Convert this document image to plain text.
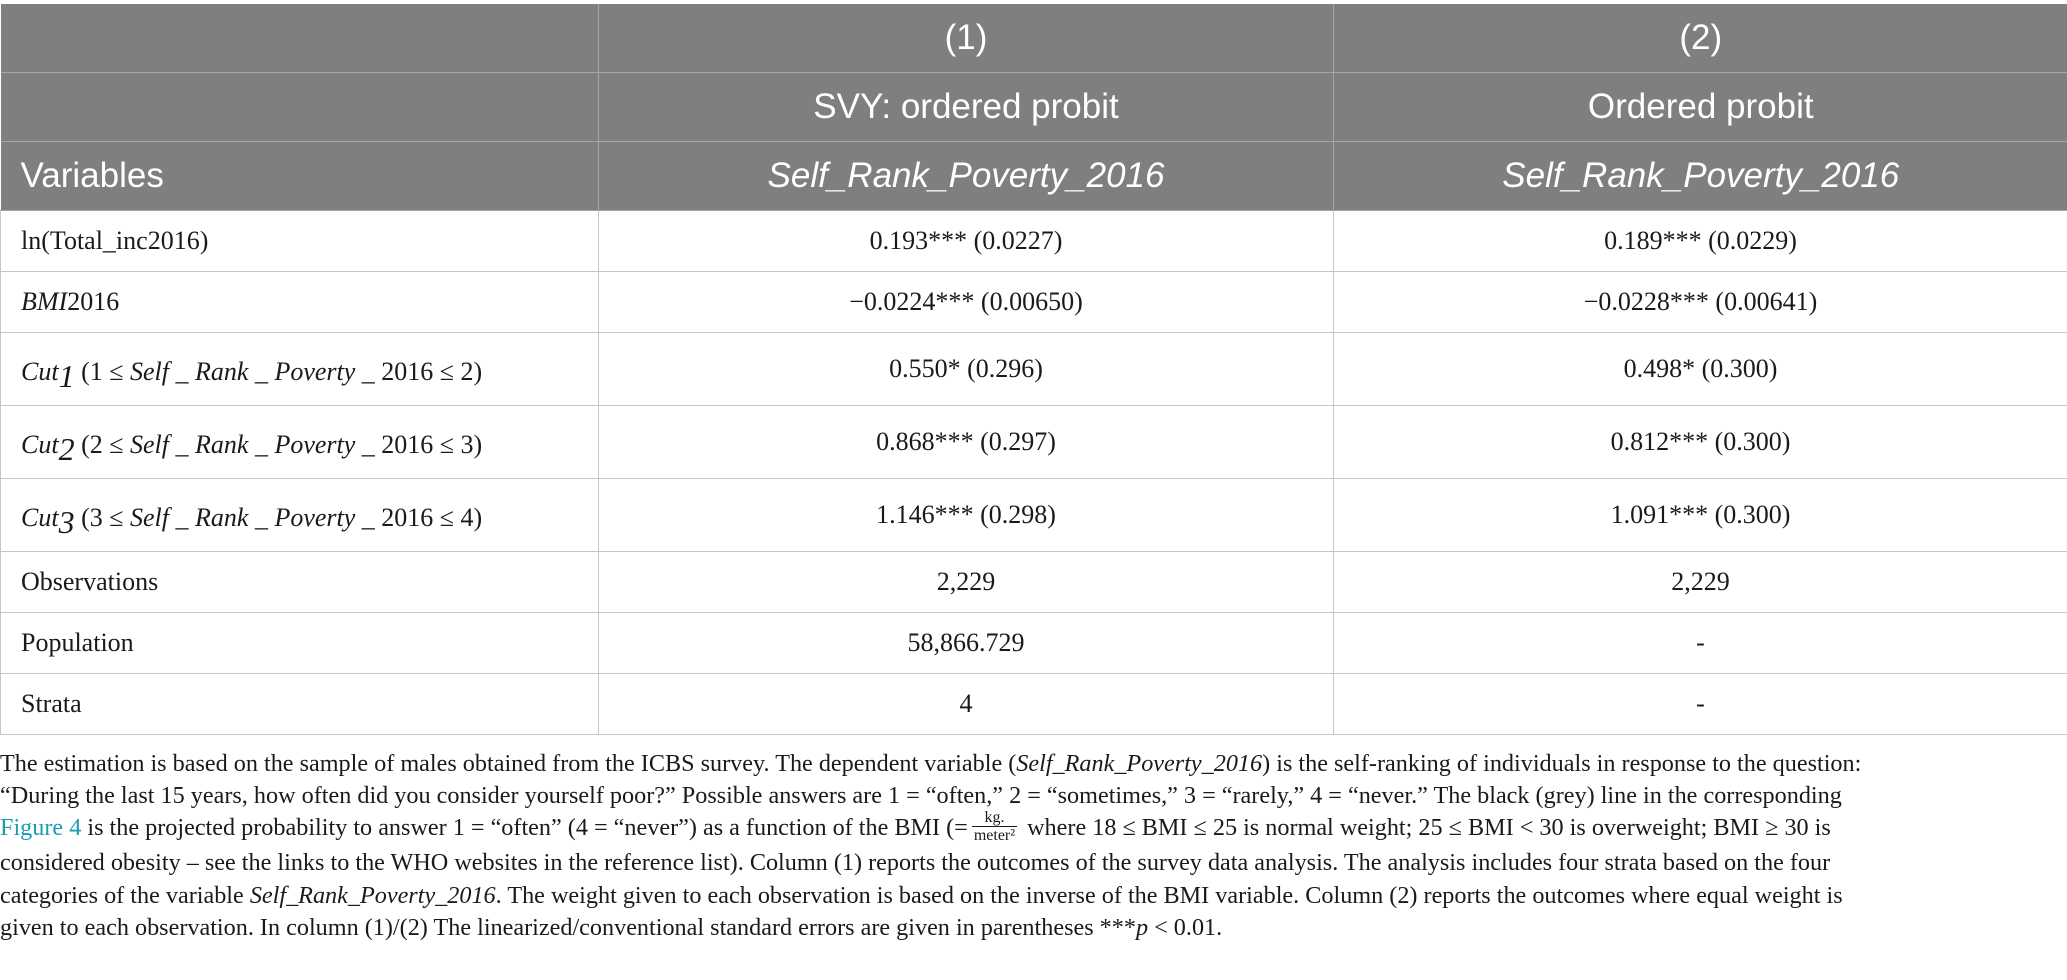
	(1)	(2)
	SVY: ordered probit	Ordered probit
Variables	Self_Rank_Poverty_2016	Self_Rank_Poverty_2016
ln(Total_inc2016)	0.193*** (0.0227)	0.189*** (0.0229)
BMI2016	−0.0224*** (0.00650)	−0.0228*** (0.00641)
Cut1 (1 ≤ Self _ Rank _ Poverty _ 2016 ≤ 2)	0.550* (0.296)	0.498* (0.300)
Cut2 (2 ≤ Self _ Rank _ Poverty _ 2016 ≤ 3)	0.868*** (0.297)	0.812*** (0.300)
Cut3 (3 ≤ Self _ Rank _ Poverty _ 2016 ≤ 4)	1.146*** (0.298)	1.091*** (0.300)
Observations	2,229	2,229
Population	58,866.729	-
Strata	4	-

The estimation is based on the sample of males obtained from the ICBS survey. The dependent variable (Self_Rank_Poverty_2016) is the self-ranking of individuals in response to the question:
“During the last 15 years, how often did you consider yourself poor?” Possible answers are 1 = “often,” 2 = “sometimes,” 3 = “rarely,” 4 = “never.” The black (grey) line in the corresponding
Figure 4 is the projected probability to answer 1 = “often” (4 = “never”) as a function of the BMI (= $\frac{kg.}{\text{meter²}}$ where 18 ≤ BMI ≤ 25 is normal weight; 25 ≤ BMI < 30 is overweight; BMI ≥ 30 is
considered obesity – see the links to the WHO websites in the reference list). Column (1) reports the outcomes of the survey data analysis. The analysis includes four strata based on the four
categories of the variable Self_Rank_Poverty_2016. The weight given to each observation is based on the inverse of the BMI variable. Column (2) reports the outcomes where equal weight is
given to each observation. In column (1)/(2) The linearized/conventional standard errors are given in parentheses ***p < 0.01.
